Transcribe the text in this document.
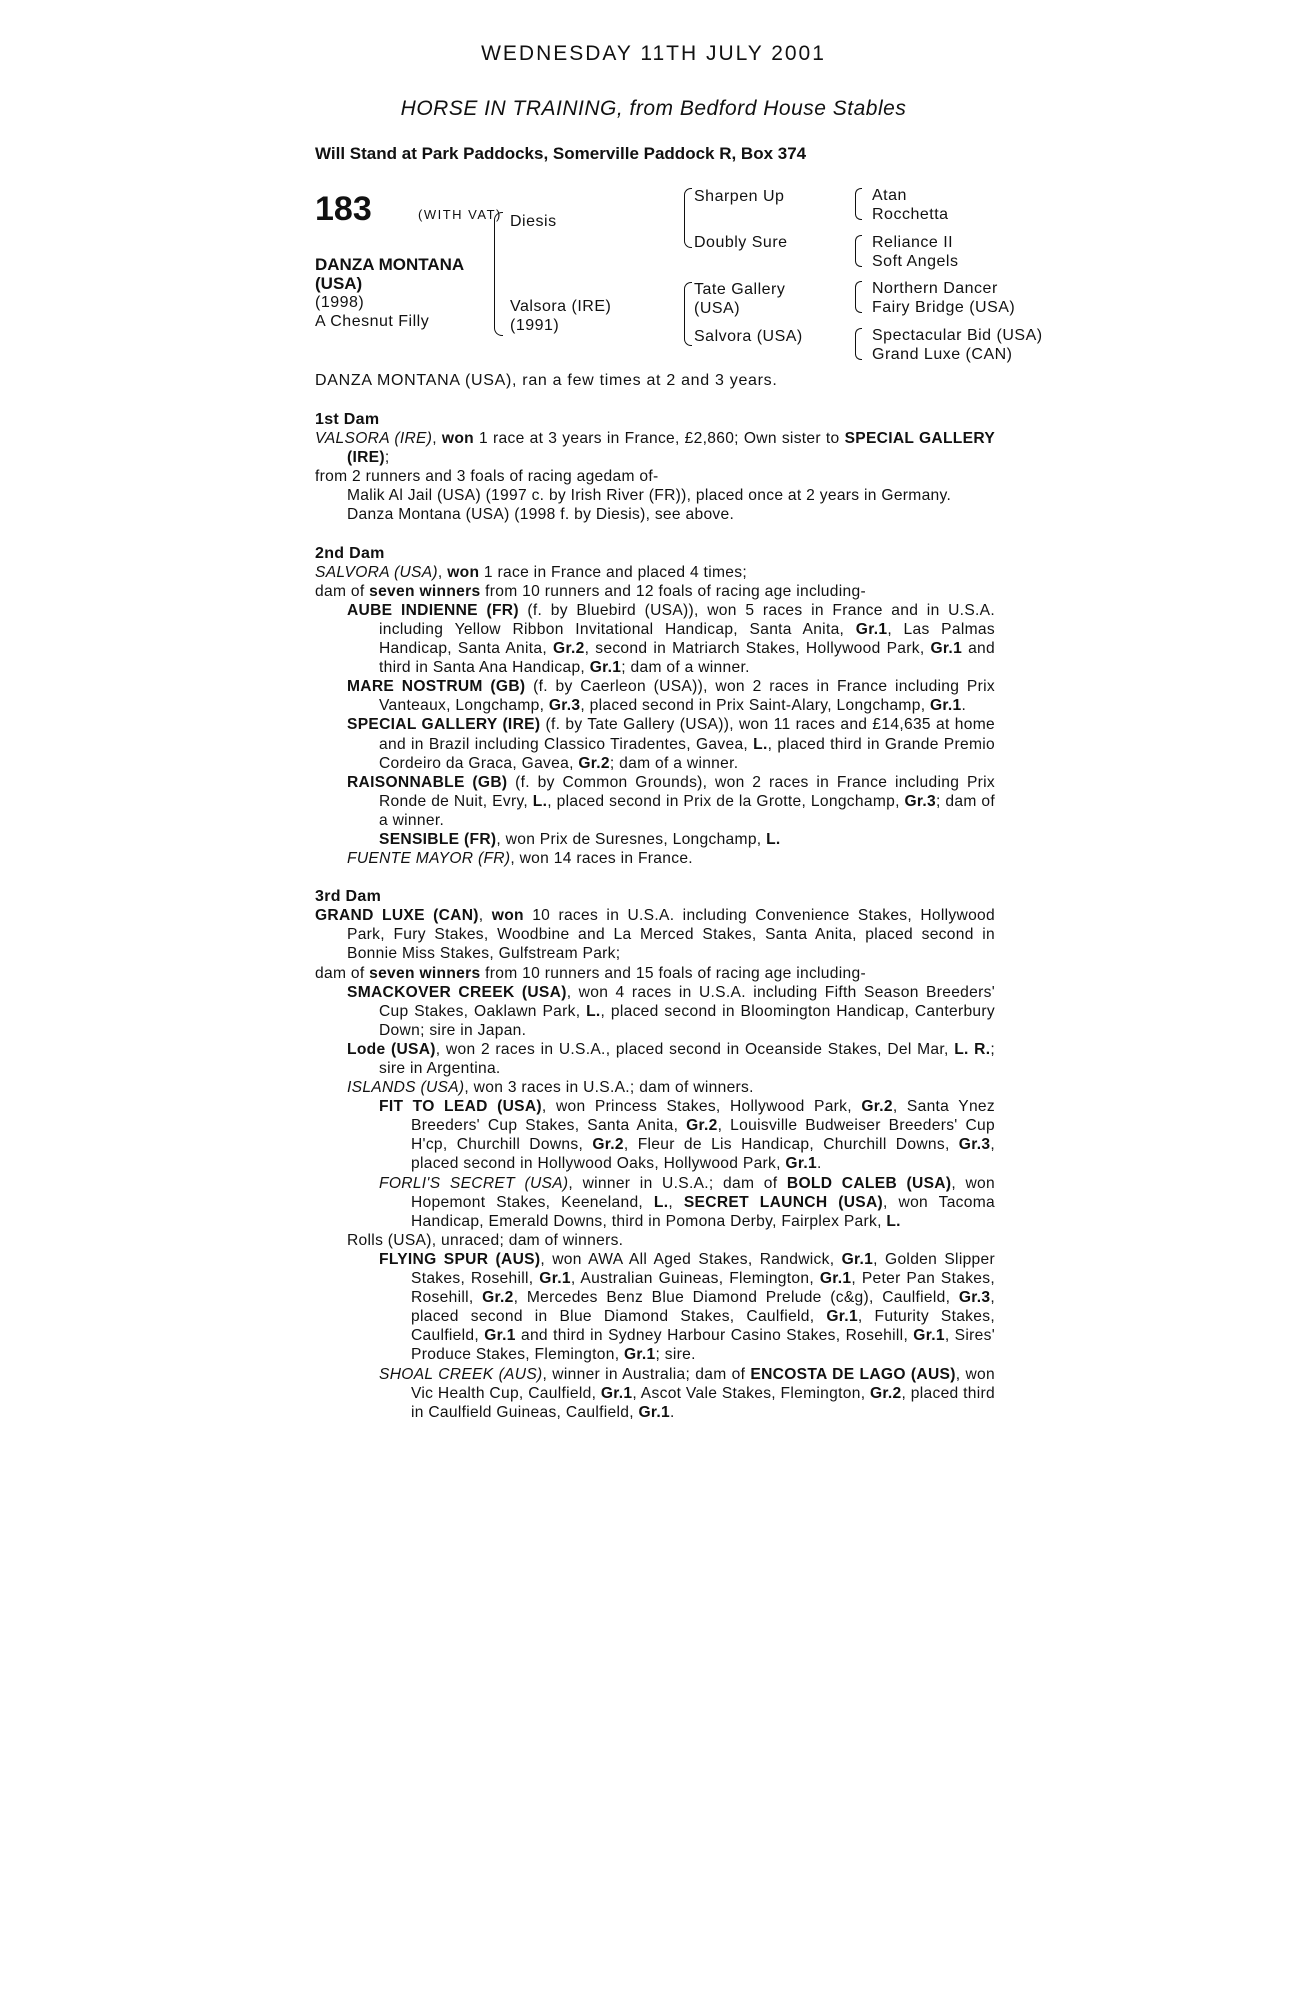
WEDNESDAY 11TH JULY 2001
HORSE IN TRAINING, from Bedford House Stables
Will Stand at Park Paddocks, Somerville Paddock R, Box 374
183	(WITH VAT)
DANZA MONTANA (USA)
(1998)
A Chesnut Filly
Diesis
Valsora (IRE)
(1991)
Sharpen Up
Doubly Sure
Tate Gallery
(USA)
Salvora (USA)
Atan
Rocchetta
Reliance II
Soft Angels
Northern Dancer
Fairy Bridge (USA)
Spectacular Bid (USA)
Grand Luxe (CAN)
DANZA MONTANA (USA), ran a few times at 2 and 3 years.

1st Dam

VALSORA (IRE), won 1 race at 3 years in France, £2,860; Own sister to SPECIAL GALLERY (IRE);

from 2 runners and 3 foals of racing agedam of-

Malik Al Jail (USA) (1997 c. by Irish River (FR)), placed once at 2 years in Germany.

Danza Montana (USA) (1998 f. by Diesis), see above.

2nd Dam

SALVORA (USA), won 1 race in France and placed 4 times;

dam of seven winners from 10 runners and 12 foals of racing age including-

AUBE INDIENNE (FR) (f. by Bluebird (USA)), won 5 races in France and in U.S.A. including Yellow Ribbon Invitational Handicap, Santa Anita, Gr.1, Las Palmas Handicap, Santa Anita, Gr.2, second in Matriarch Stakes, Hollywood Park, Gr.1 and third in Santa Ana Handicap, Gr.1; dam of a winner.

MARE NOSTRUM (GB) (f. by Caerleon (USA)), won 2 races in France including Prix Vanteaux, Longchamp, Gr.3, placed second in Prix Saint-Alary, Longchamp, Gr.1.

SPECIAL GALLERY (IRE) (f. by Tate Gallery (USA)), won 11 races and £14,635 at home and in Brazil including Classico Tiradentes, Gavea, L., placed third in Grande Premio Cordeiro da Graca, Gavea, Gr.2; dam of a winner.

RAISONNABLE (GB) (f. by Common Grounds), won 2 races in France including Prix Ronde de Nuit, Evry, L., placed second in Prix de la Grotte, Longchamp, Gr.3; dam of a winner.

SENSIBLE (FR), won Prix de Suresnes, Longchamp, L.

FUENTE MAYOR (FR), won 14 races in France.

3rd Dam

GRAND LUXE (CAN), won 10 races in U.S.A. including Convenience Stakes, Hollywood Park, Fury Stakes, Woodbine and La Merced Stakes, Santa Anita, placed second in Bonnie Miss Stakes, Gulfstream Park;

dam of seven winners from 10 runners and 15 foals of racing age including-

SMACKOVER CREEK (USA), won 4 races in U.S.A. including Fifth Season Breeders' Cup Stakes, Oaklawn Park, L., placed second in Bloomington Handicap, Canterbury Down; sire in Japan.

Lode (USA), won 2 races in U.S.A., placed second in Oceanside Stakes, Del Mar, L. R.; sire in Argentina.

ISLANDS (USA), won 3 races in U.S.A.; dam of winners.

FIT TO LEAD (USA), won Princess Stakes, Hollywood Park, Gr.2, Santa Ynez Breeders' Cup Stakes, Santa Anita, Gr.2, Louisville Budweiser Breeders' Cup H'cp, Churchill Downs, Gr.2, Fleur de Lis Handicap, Churchill Downs, Gr.3, placed second in Hollywood Oaks, Hollywood Park, Gr.1.

FORLI'S SECRET (USA), winner in U.S.A.; dam of BOLD CALEB (USA), won Hopemont Stakes, Keeneland, L., SECRET LAUNCH (USA), won Tacoma Handicap, Emerald Downs, third in Pomona Derby, Fairplex Park, L.

Rolls (USA), unraced; dam of winners.

FLYING SPUR (AUS), won AWA All Aged Stakes, Randwick, Gr.1, Golden Slipper Stakes, Rosehill, Gr.1, Australian Guineas, Flemington, Gr.1, Peter Pan Stakes, Rosehill, Gr.2, Mercedes Benz Blue Diamond Prelude (c&g), Caulfield, Gr.3, placed second in Blue Diamond Stakes, Caulfield, Gr.1, Futurity Stakes, Caulfield, Gr.1 and third in Sydney Harbour Casino Stakes, Rosehill, Gr.1, Sires' Produce Stakes, Flemington, Gr.1; sire.

SHOAL CREEK (AUS), winner in Australia; dam of ENCOSTA DE LAGO (AUS), won Vic Health Cup, Caulfield, Gr.1, Ascot Vale Stakes, Flemington, Gr.2, placed third in Caulfield Guineas, Caulfield, Gr.1.
